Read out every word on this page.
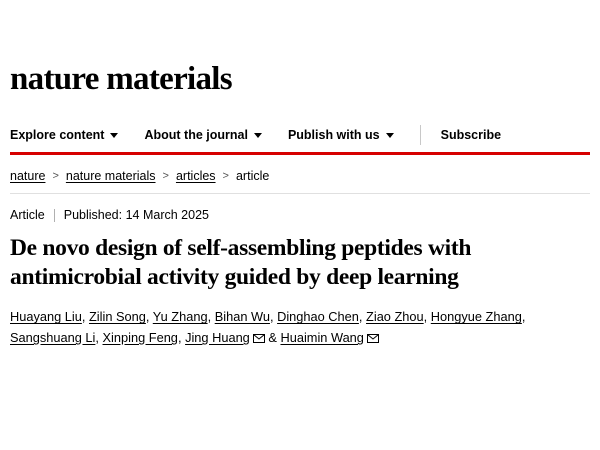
nature materials
Explore content	About the journal	Publish with us	Subscribe
nature > nature materials > articles > article
Article Published: 14 March 2025
De novo design of self-assembling peptides with antimicrobial activity guided by deep learning
Huayang Liu, Zilin Song, Yu Zhang, Bihan Wu, Dinghao Chen, Ziao Zhou, Hongyue Zhang, Sangshuang Li, Xinping Feng, Jing Huang
& Huaimin Wang
